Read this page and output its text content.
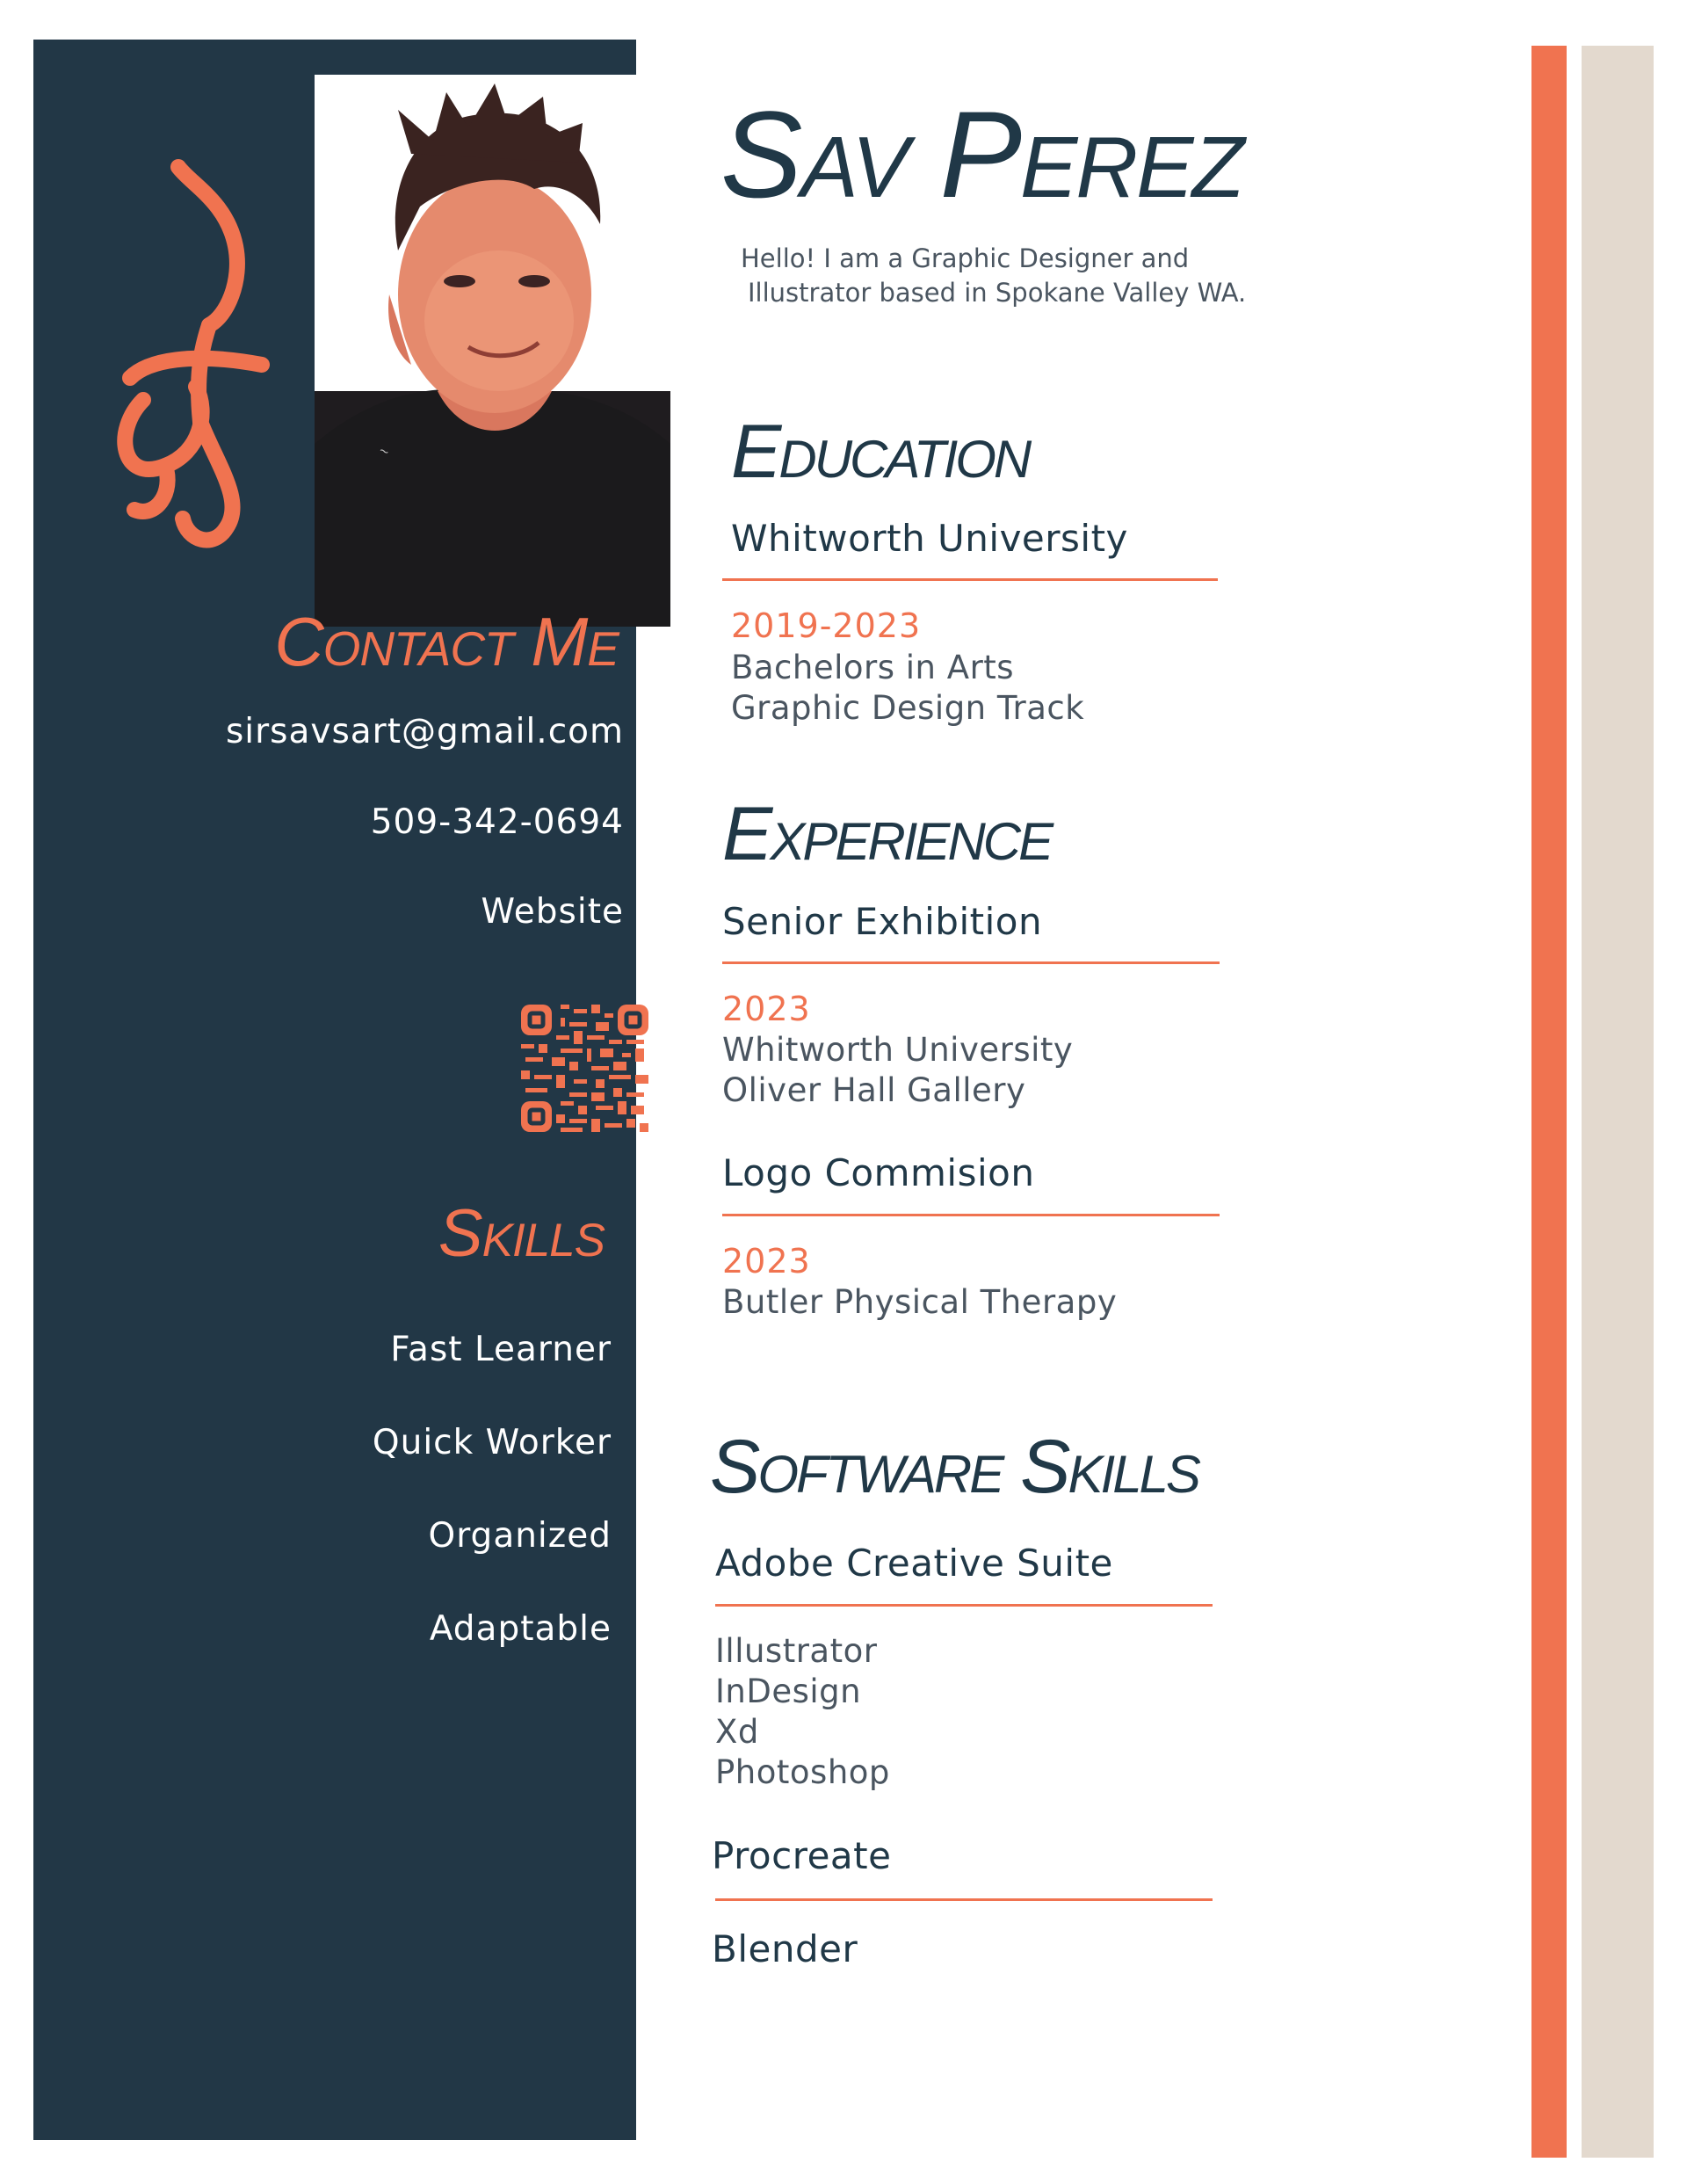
~
Contact Me
sirsavsart@gmail.com
509-342-0694
Website
Skills
Fast Learner
Quick Worker
Organized
Adaptable
Sav Perez
Hello! I am a Graphic Designer and
Illustrator based in Spokane Valley WA.
Education
Whitworth University
2019-2023
Bachelors in Arts
Graphic Design Track
Experience
Senior Exhibition
2023
Whitworth University
Oliver Hall Gallery
Logo Commision
2023
Butler Physical Therapy
Software Skills
Adobe Creative Suite
Illustrator
InDesign
Xd
Photoshop
Procreate
Blender
